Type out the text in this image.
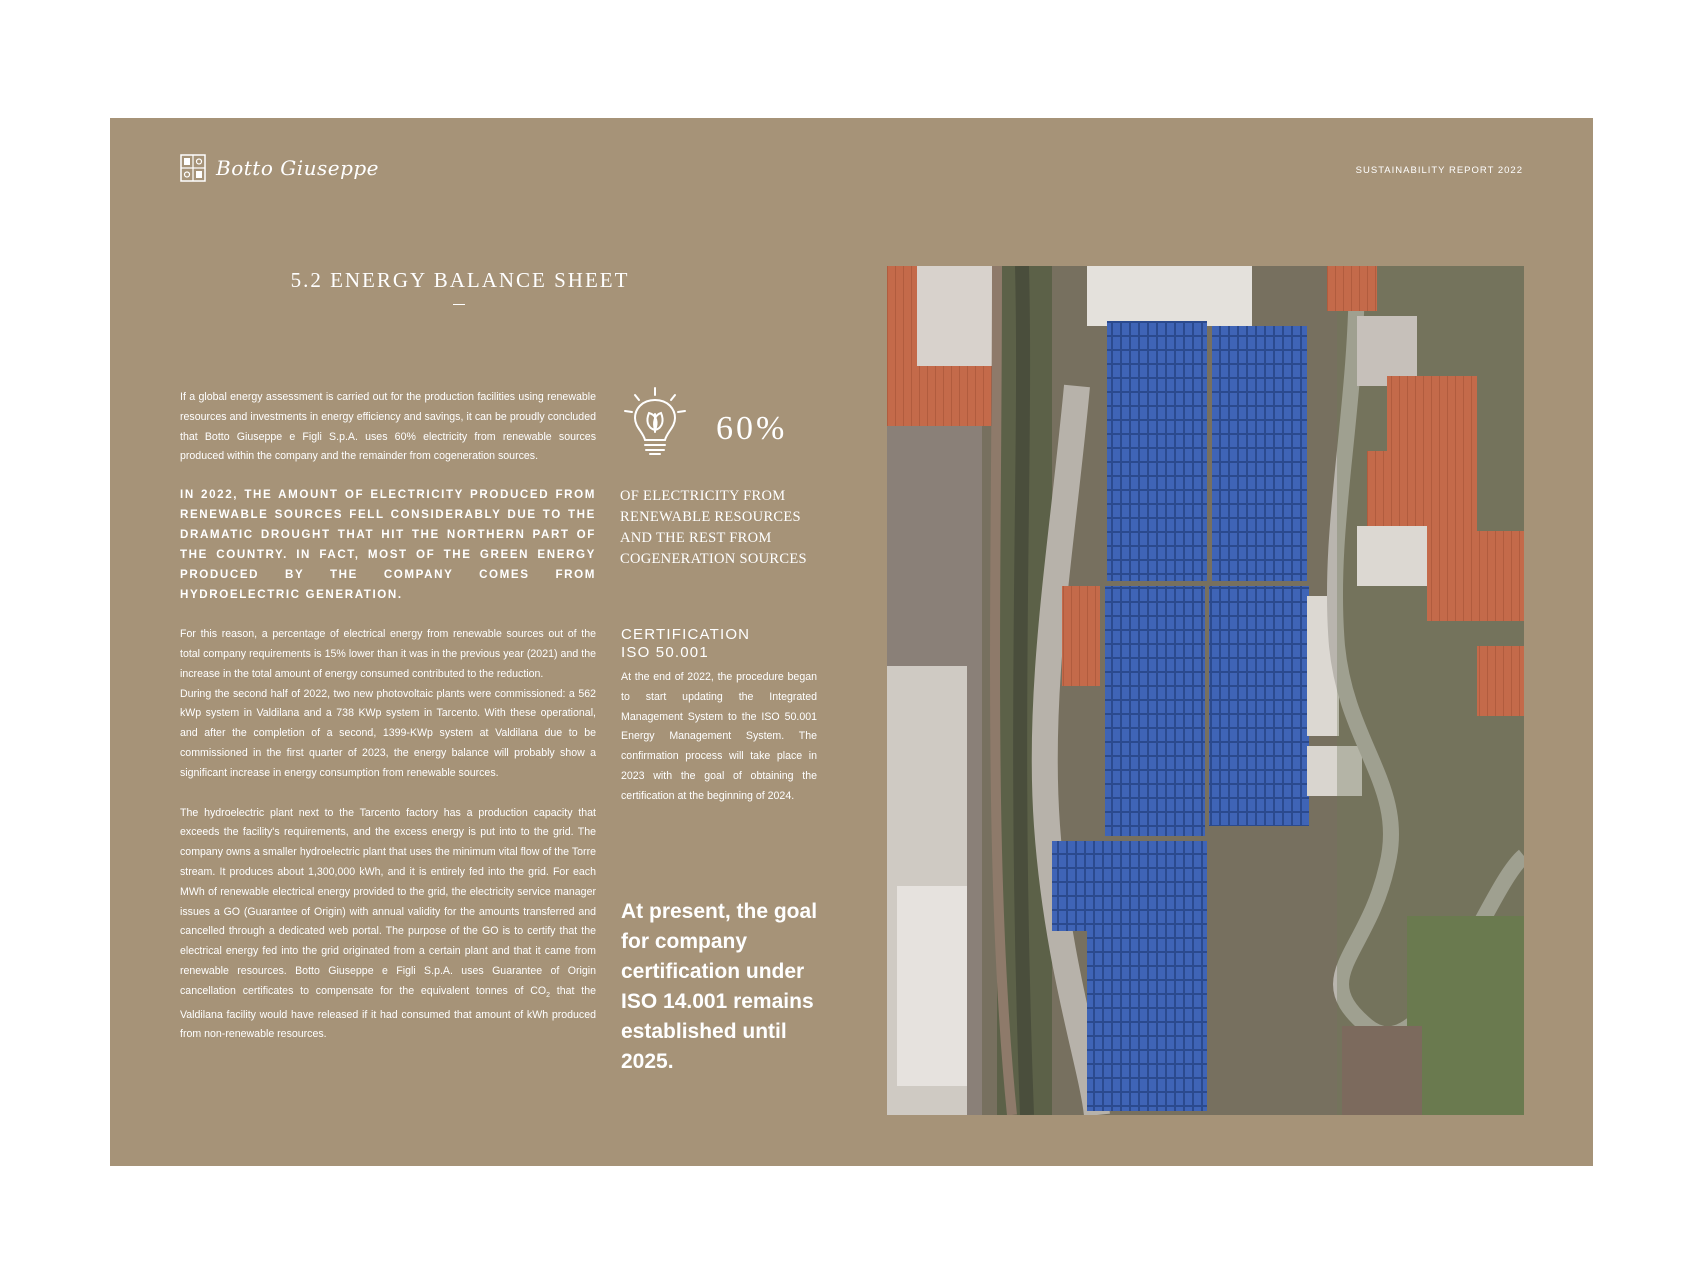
Botto Giuseppe	SUSTAINABILITY REPORT 2022
5.2 ENERGY BALANCE SHEET

If a global energy assessment is carried out for the production facilities using renewable resources and investments in energy efficiency and savings, it can be proudly concluded that Botto Giuseppe e Figli S.p.A. uses 60% electricity from renewable sources produced within the company and the remainder from cogeneration sources.

IN 2022, THE AMOUNT OF ELECTRICITY PRODUCED FROM RENEWABLE SOURCES FELL CONSIDERABLY DUE TO THE DRAMATIC DROUGHT THAT HIT THE NORTHERN PART OF THE COUNTRY. IN FACT, MOST OF THE GREEN ENERGY PRODUCED BY THE COMPANY COMES FROM HYDROELECTRIC GENERATION.

For this reason, a percentage of electrical energy from renewable sources out of the total company requirements is 15% lower than it was in the previous year (2021) and the increase in the total amount of energy consumed contributed to the reduction.

During the second half of 2022, two new photovoltaic plants were commissioned: a 562 kWp system in Valdilana and a 738 KWp system in Tarcento. With these operational, and after the completion of a second, 1399-KWp system at Valdilana due to be commissioned in the first quarter of 2023, the energy balance will probably show a significant increase in energy consumption from renewable sources.

The hydroelectric plant next to the Tarcento factory has a production capacity that exceeds the facility's requirements, and the excess energy is put into to the grid. The company owns a smaller hydroelectric plant that uses the minimum vital flow of the Torre stream. It produces about 1,300,000 kWh, and it is entirely fed into the grid. For each MWh of renewable electrical energy provided to the grid, the electricity service manager issues a GO (Guarantee of Origin) with annual validity for the amounts transferred and cancelled through a dedicated web portal. The purpose of the GO is to certify that the electrical energy fed into the grid originated from a certain plant and that it came from renewable resources. Botto Giuseppe e Figli S.p.A. uses Guarantee of Origin cancellation certificates to compensate for the equivalent tonnes of $CO_2$ that the Valdilana facility would have released if it had consumed that amount of kWh produced from non-renewable resources.

60%
OF ELECTRICITY FROM RENEWABLE RESOURCES AND THE REST FROM COGENERATION SOURCES
CERTIFICATION
ISO 50.001

At the end of 2022, the procedure began to start updating the Integrated Management System to the ISO 50.001 Energy Management System. The confirmation process will take place in 2023 with the goal of obtaining the certification at the beginning of 2024.

At present, the goal for company certification under ISO 14.001 remains established until 2025.
